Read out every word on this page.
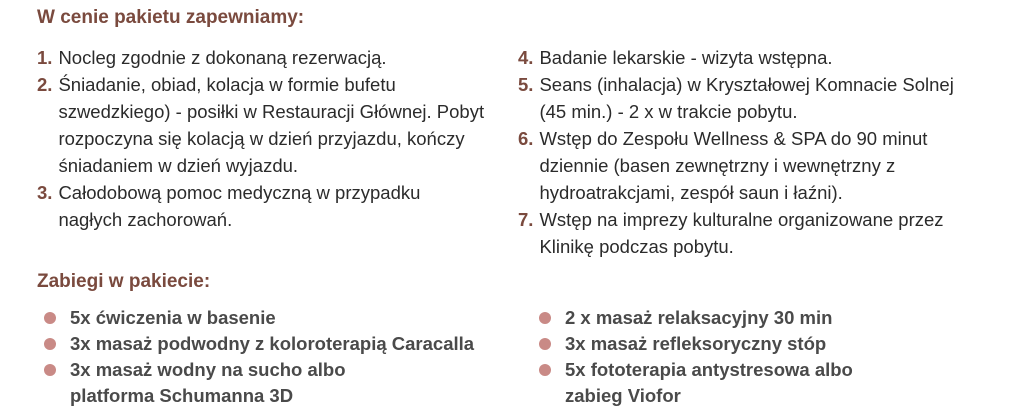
W cenie pakietu zapewniamy:
1. Nocleg zgodnie z dokonaną rezerwacją.
2. Śniadanie, obiad, kolacja w formie bufetu szwedzkiego) - posiłki w Restauracji Głównej. Pobyt rozpoczyna się kolacją w dzień przyjazdu, kończy śniadaniem w dzień wyjazdu.
3. Całodobową pomoc medyczną w przypadku nagłych zachorowań.
4. Badanie lekarskie - wizyta wstępna.
5. Seans (inhalacja) w Kryształowej Komnacie Solnej (45 min.) - 2 x w trakcie pobytu.
6. Wstęp do Zespołu Wellness & SPA do 90 minut dziennie (basen zewnętrzny i wewnętrzny z hydroatrakcjami, zespół saun i łaźni).
7. Wstęp na imprezy kulturalne organizowane przez Klinikę podczas pobytu.
Zabiegi w pakiecie:
5x ćwiczenia w basenie
3x masaż podwodny z koloroterapią Caracalla
3x masaż wodny na sucho albo platforma Schumanna 3D
2 x masaż relaksacyjny 30 min
3x masaż refleksoryczny stóp
5x fototerapia antystresowa albo zabieg Viofor
